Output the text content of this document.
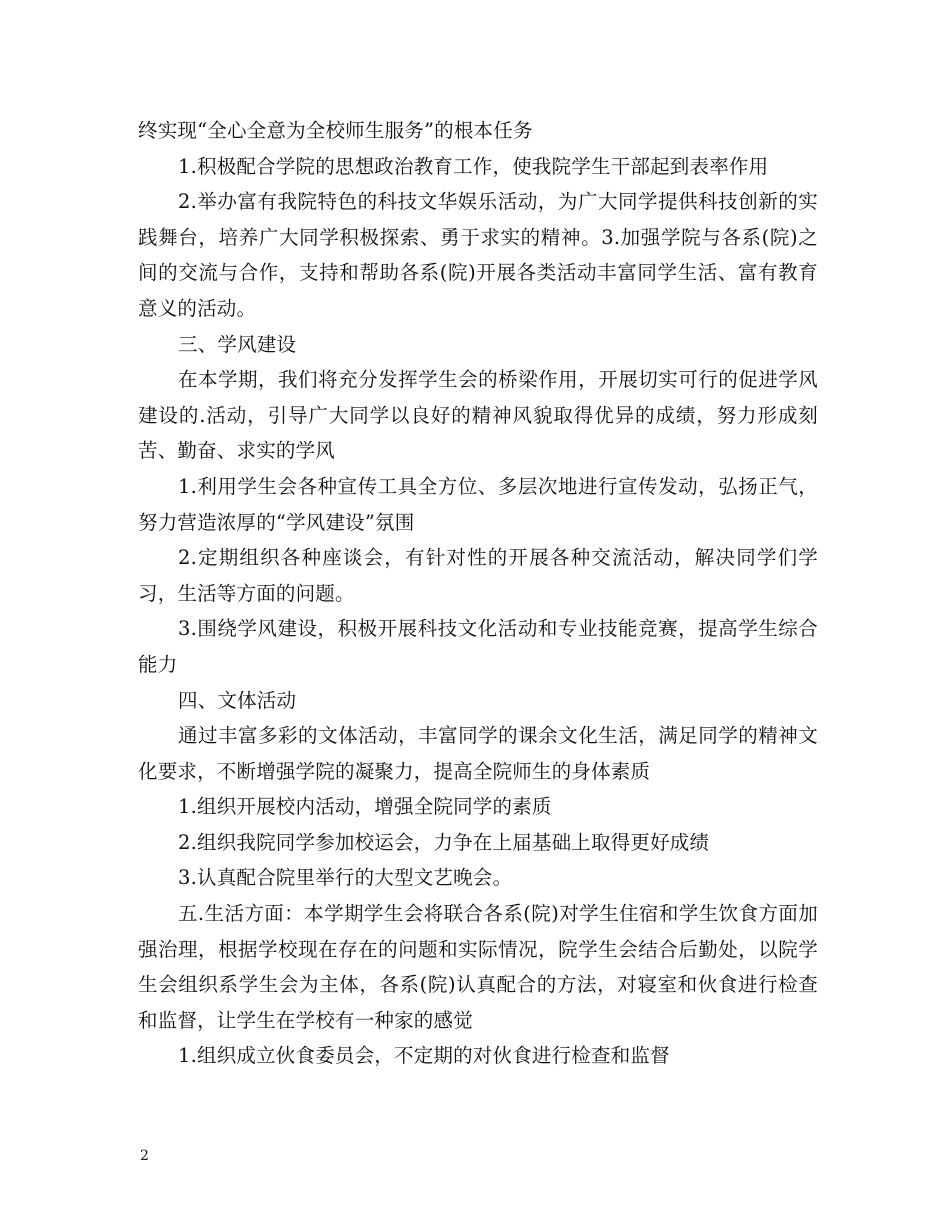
终实现“全心全意为全校师生服务”的根本任务

1.积极配合学院的思想政治教育工作，使我院学生干部起到表率作用

2.举办富有我院特色的科技文华娱乐活动，为广大同学提供科技创新的实践舞台，培养广大同学积极探索、勇于求实的精神。3.加强学院与各系(院)之间的交流与合作，支持和帮助各系(院)开展各类活动丰富同学生活、富有教育意义的活动。

三、学风建设

在本学期，我们将充分发挥学生会的桥梁作用，开展切实可行的促进学风建设的.活动，引导广大同学以良好的精神风貌取得优异的成绩，努力形成刻苦、勤奋、求实的学风

1.利用学生会各种宣传工具全方位、多层次地进行宣传发动，弘扬正气，努力营造浓厚的“学风建设”氛围

2.定期组织各种座谈会，有针对性的开展各种交流活动，解决同学们学习，生活等方面的问题。

3.围绕学风建设，积极开展科技文化活动和专业技能竞赛，提高学生综合能力

四、文体活动

通过丰富多彩的文体活动，丰富同学的课余文化生活，满足同学的精神文化要求，不断增强学院的凝聚力，提高全院师生的身体素质

1.组织开展校内活动，增强全院同学的素质

2.组织我院同学参加校运会，力争在上届基础上取得更好成绩

3.认真配合院里举行的大型文艺晚会。

五.生活方面：本学期学生会将联合各系(院)对学生住宿和学生饮食方面加强治理，根据学校现在存在的问题和实际情况，院学生会结合后勤处，以院学生会组织系学生会为主体，各系(院)认真配合的方法，对寝室和伙食进行检查和监督，让学生在学校有一种家的感觉

1.组织成立伙食委员会，不定期的对伙食进行检查和监督

2
